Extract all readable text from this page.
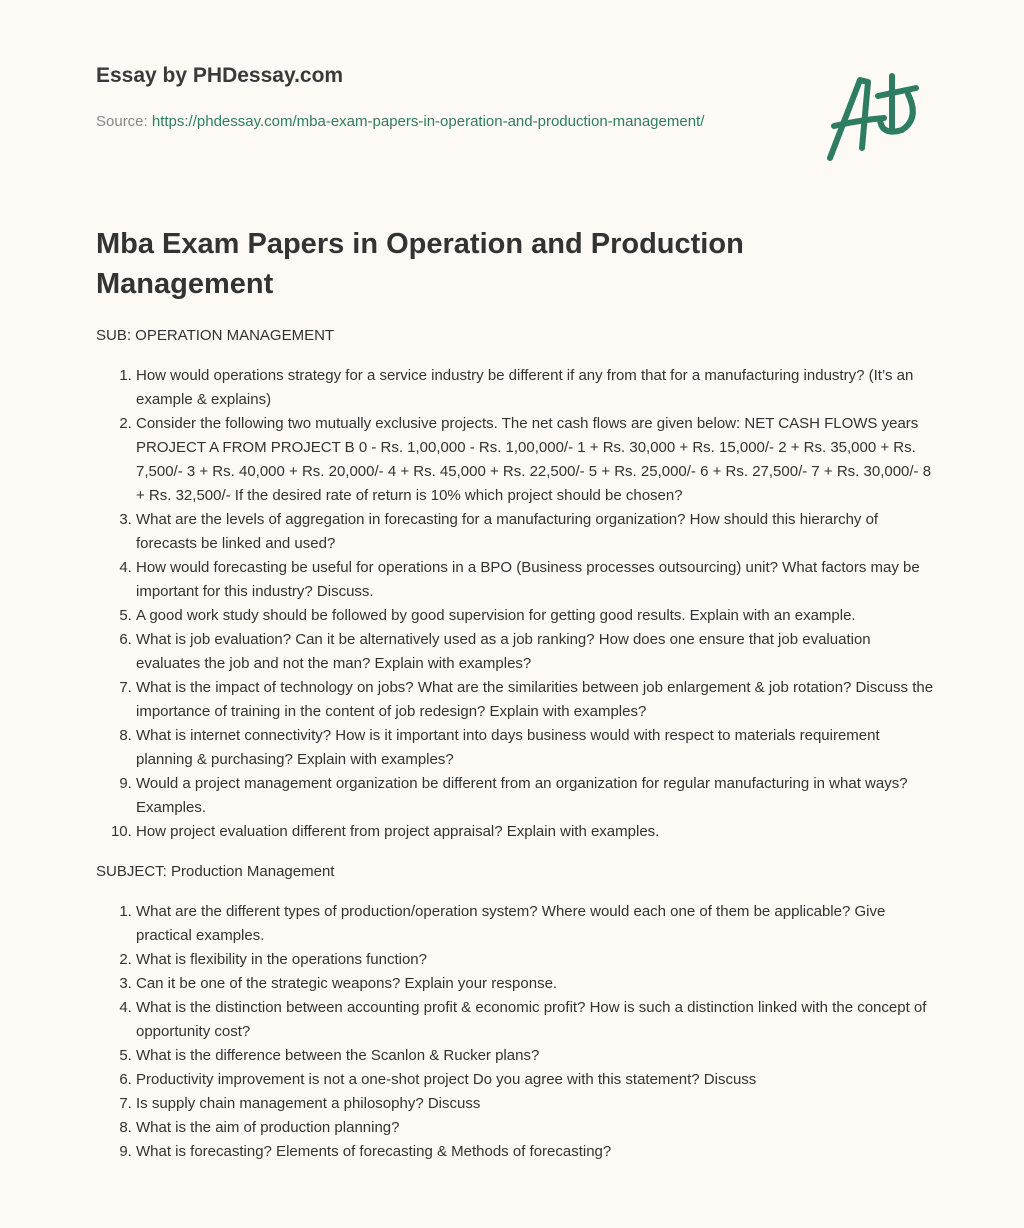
Essay by PHDessay.com
Source: https://phdessay.com/mba-exam-papers-in-operation-and-production-management/
Mba Exam Papers in Operation and Production Management

SUB: OPERATION MANAGEMENT

1. How would operations strategy for a service industry be different if any from that for a manufacturing industry? (It’s an example & explains)
2. Consider the following two mutually exclusive projects. The net cash flows are given below: NET CASH FLOWS years PROJECT A FROM PROJECT B 0 - Rs. 1,00,000 - Rs. 1,00,000/- 1 + Rs. 30,000 + Rs. 15,000/- 2 + Rs. 35,000 + Rs. 7,500/- 3 + Rs. 40,000 + Rs. 20,000/- 4 + Rs. 45,000 + Rs. 22,500/- 5 + Rs. 25,000/- 6 + Rs. 27,500/- 7 + Rs. 30,000/- 8 + Rs. 32,500/- If the desired rate of return is 10% which project should be chosen?
3. What are the levels of aggregation in forecasting for a manufacturing organization? How should this hierarchy of forecasts be linked and used?
4. How would forecasting be useful for operations in a BPO (Business processes outsourcing) unit? What factors may be important for this industry? Discuss.
5. A good work study should be followed by good supervision for getting good results. Explain with an example.
6. What is job evaluation? Can it be alternatively used as a job ranking? How does one ensure that job evaluation evaluates the job and not the man? Explain with examples?
7. What is the impact of technology on jobs? What are the similarities between job enlargement & job rotation? Discuss the importance of training in the content of job redesign? Explain with examples?
8. What is internet connectivity? How is it important into days business would with respect to materials requirement planning & purchasing? Explain with examples?
9. Would a project management organization be different from an organization for regular manufacturing in what ways? Examples.
10. How project evaluation different from project appraisal? Explain with examples.

SUBJECT: Production Management

1. What are the different types of production/operation system? Where would each one of them be applicable? Give practical examples.
2. What is flexibility in the operations function?
3. Can it be one of the strategic weapons? Explain your response.
4. What is the distinction between accounting profit & economic profit? How is such a distinction linked with the concept of opportunity cost?
5. What is the difference between the Scanlon & Rucker plans?
6. Productivity improvement is not a one-shot project Do you agree with this statement? Discuss
7. Is supply chain management a philosophy? Discuss
8. What is the aim of production planning?
9. What is forecasting? Elements of forecasting & Methods of forecasting?
